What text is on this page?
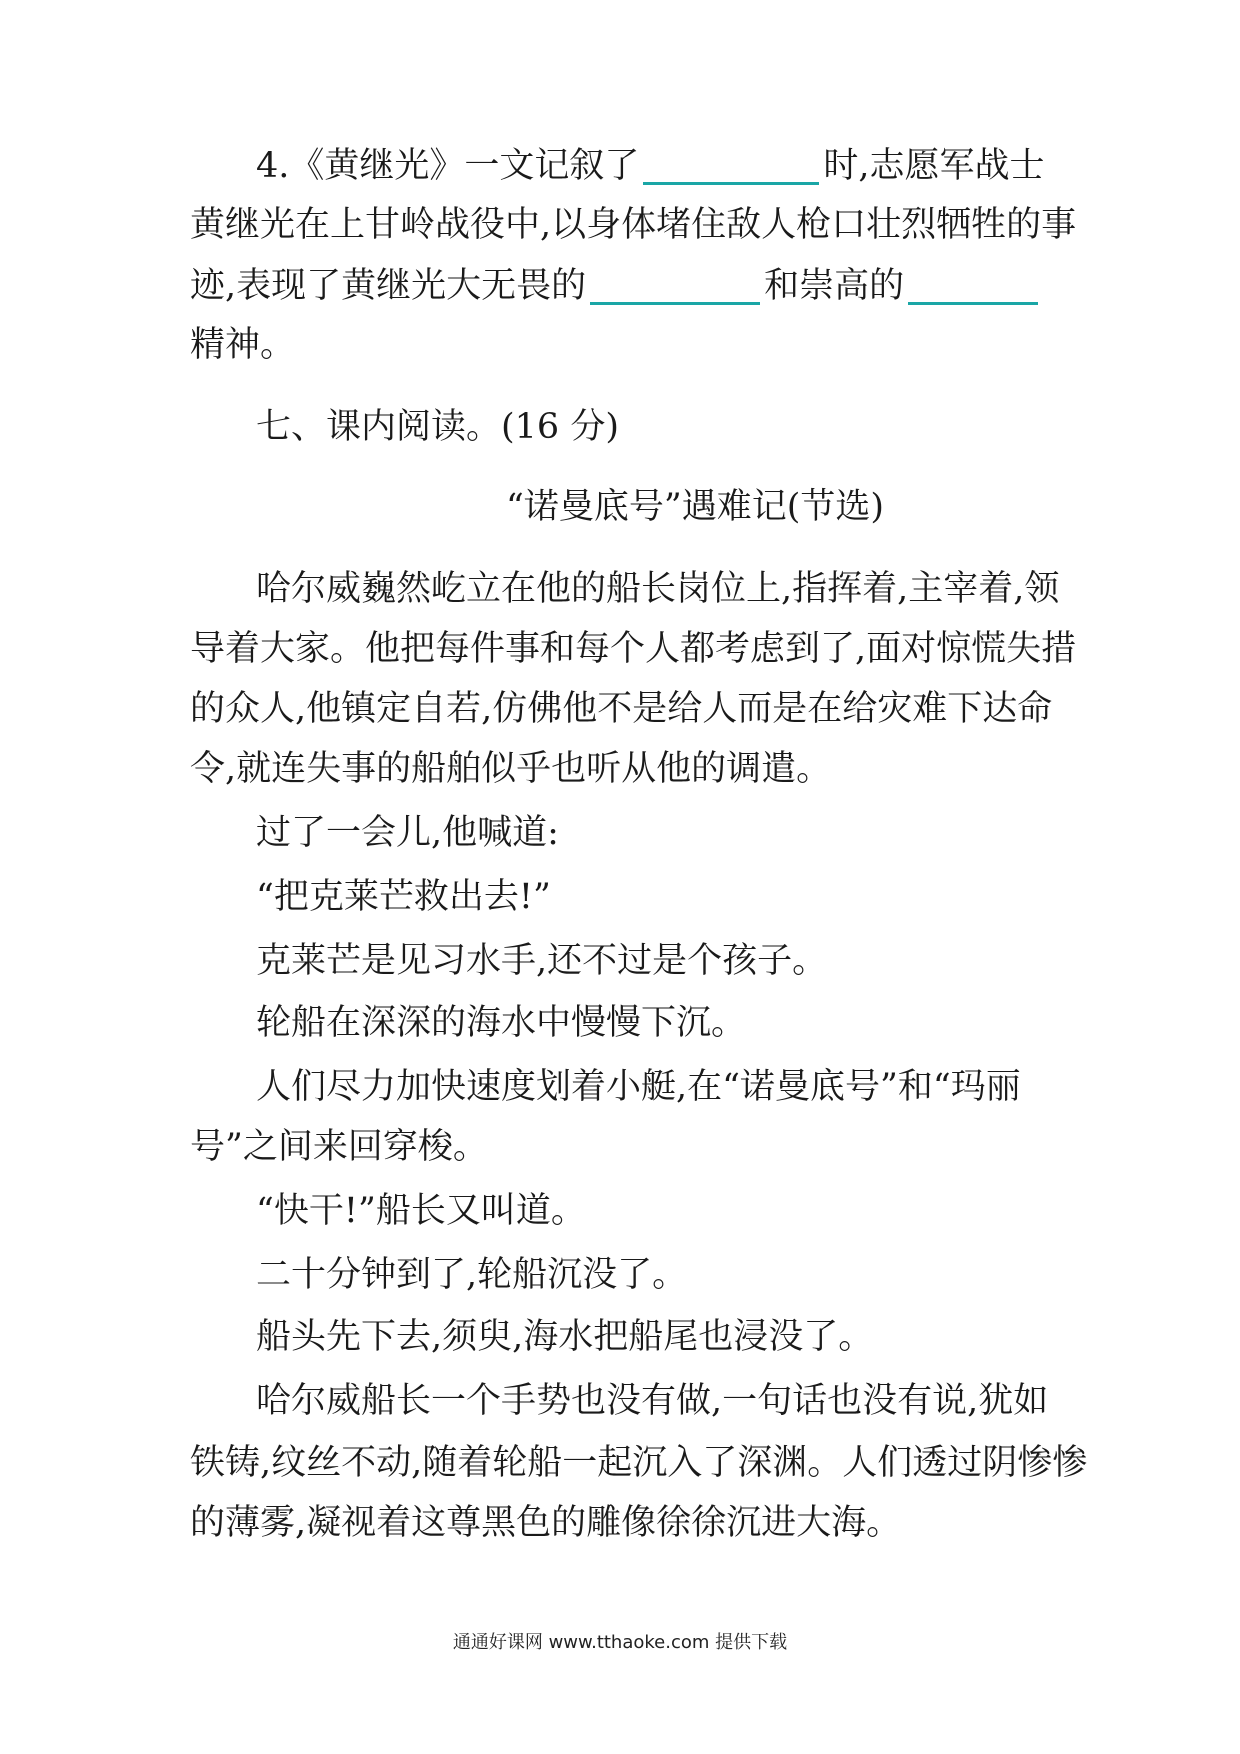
4.《黄继光》一文记叙了	时,志愿军战士
黄继光在上甘岭战役中,以身体堵住敌人枪口壮烈牺牲的事
迹,表现了黄继光大无畏的	和崇高的
精神。
七、课内阅读。(16 分)
“诺曼底号”遇难记(节选)
哈尔威巍然屹立在他的船长岗位上,指挥着,主宰着,领
导着大家。他把每件事和每个人都考虑到了,面对惊慌失措
的众人,他镇定自若,仿佛他不是给人而是在给灾难下达命
令,就连失事的船舶似乎也听从他的调遣。
过了一会儿,他喊道:
“把克莱芒救出去!”
克莱芒是见习水手,还不过是个孩子。
轮船在深深的海水中慢慢下沉。
人们尽力加快速度划着小艇,在“诺曼底号”和“玛丽
号”之间来回穿梭。
“快干!”船长又叫道。
二十分钟到了,轮船沉没了。
船头先下去,须臾,海水把船尾也浸没了。
哈尔威船长一个手势也没有做,一句话也没有说,犹如
铁铸,纹丝不动,随着轮船一起沉入了深渊。人们透过阴惨惨
的薄雾,凝视着这尊黑色的雕像徐徐沉进大海。
通通好课网 www.tthaoke.com 提供下载
